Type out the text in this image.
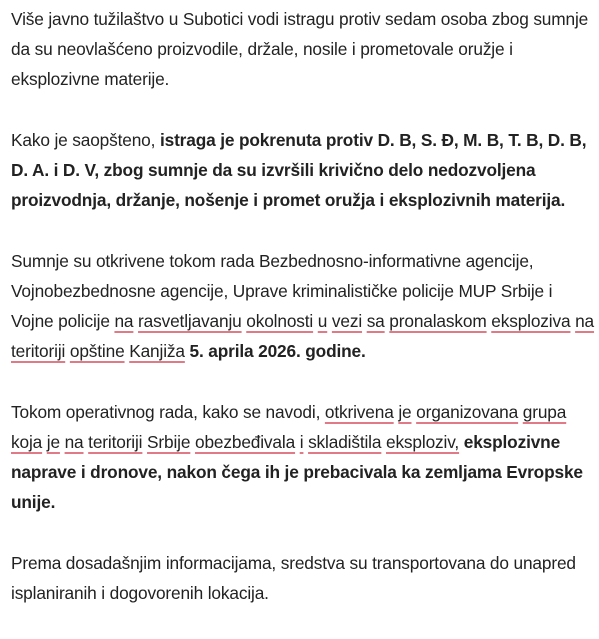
Više javno tužilaštvo u Subotici vodi istragu protiv sedam osoba zbog sumnje da su neovlašćeno proizvodile, držale, nosile i prometovale oružje i eksplozivne materije.

Kako je saopšteno, istraga je pokrenuta protiv D. B, S. Đ, M. B, T. B, D. B, D. A. i D. V, zbog sumnje da su izvršili krivično delo nedozvoljena proizvodnja, držanje, nošenje i promet oružja i eksplozivnih materija.

Sumnje su otkrivene tokom rada Bezbednosno-informativne agencije, Vojnobezbednosne agencije, Uprave kriminalističke policije MUP Srbije i Vojne policije na rasvetljavanju okolnosti u vezi sa pronalaskom eksploziva na teritoriji opštine Kanjiža 5. aprila 2026. godine.

Tokom operativnog rada, kako se navodi, otkrivena je organizovana grupa koja je na teritoriji Srbije obezbeđivala i skladištila eksploziv, eksplozivne naprave i dronove, nakon čega ih je prebacivala ka zemljama Evropske unije.

Prema dosadašnjim informacijama, sredstva su transportovana do unapred isplaniranih i dogovorenih lokacija.
